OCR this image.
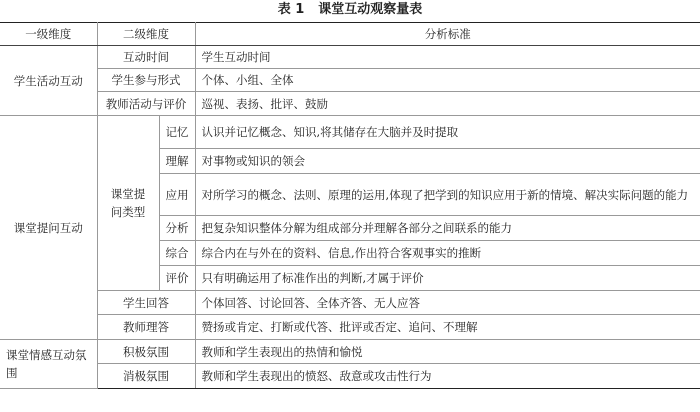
表 1 课堂互动观察量表
一级维度	二级维度		分析标准
学生活动互动	互动时间		学生互动时间
	学生参与形式		个体、小组、全体
	教师活动与评价		巡视、表扬、批评、鼓励
课堂提问互动	课堂提问类型	记忆	认识并记忆概念、知识,将其储存在大脑并及时提取
		理解	对事物或知识的领会
		应用	对所学习的概念、法则、原理的运用,体现了把学到的知识应用于新的情境、解决实际问题的能力
		分析	把复杂知识整体分解为组成部分并理解各部分之间联系的能力
		综合	综合内在与外在的资料、信息,作出符合客观事实的推断
		评价	只有明确运用了标准作出的判断,才属于评价
	学生回答		个体回答、讨论回答、全体齐答、无人应答
	教师理答		赞扬或肯定、打断或代答、批评或否定、追问、不理解
课堂情感互动氛围	积极氛围		教师和学生表现出的热情和愉悦
	消极氛围		教师和学生表现出的愤怒、敌意或攻击性行为
